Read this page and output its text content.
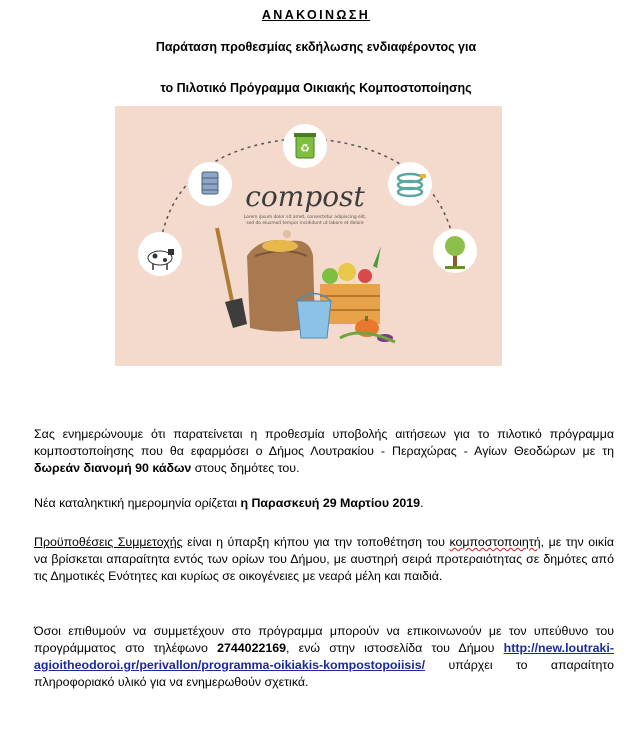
ΑΝΑΚΟΙΝΩΣΗ
Παράταση προθεσμίας εκδήλωσης ενδιαφέροντος για
το Πιλοτικό Πρόγραμμα Οικιακής Κομποστοποίησης
♻
compost
Lorem ipsum dolor sit amet, consectetur adipiscing elit,
sed do eiusmod tempor incididunt ut labore et dolore
Σας ενημερώνουμε ότι παρατείνεται η προθεσμία υποβολής αιτήσεων για το πιλοτικό πρόγραμμα κομποστοποίησης που θα εφαρμόσει ο Δήμος Λουτρακίου - Περαχώρας - Αγίων Θεοδώρων με τη δωρεάν διανομή 90 κάδων στους δημότες του.
Νέα καταληκτική ημερομηνία ορίζεται η Παρασκευή 29 Μαρτίου 2019.
Προϋποθέσεις Συμμετοχής είναι η ύπαρξη κήπου για την τοποθέτηση του κομποστοποιητή, με την οικία να βρίσκεται απαραίτητα εντός των ορίων του Δήμου, με αυστηρή σειρά προτεραιότητας σε δημότες από τις Δημοτικές Ενότητες και κυρίως σε οικογένειες με νεαρά μέλη και παιδιά.
Όσοι επιθυμούν να συμμετέχουν στο πρόγραμμα μπορούν να επικοινωνούν με τον υπεύθυνο του προγράμματος στο τηλέφωνο 2744022169, ενώ στην ιστοσελίδα του Δήμου http://new.loutraki-agioitheodoroi.gr/perivallon/programma-oikiakis-kompostopoiisis/ υπάρχει το απαραίτητο πληροφοριακό υλικό για να ενημερωθούν σχετικά.
